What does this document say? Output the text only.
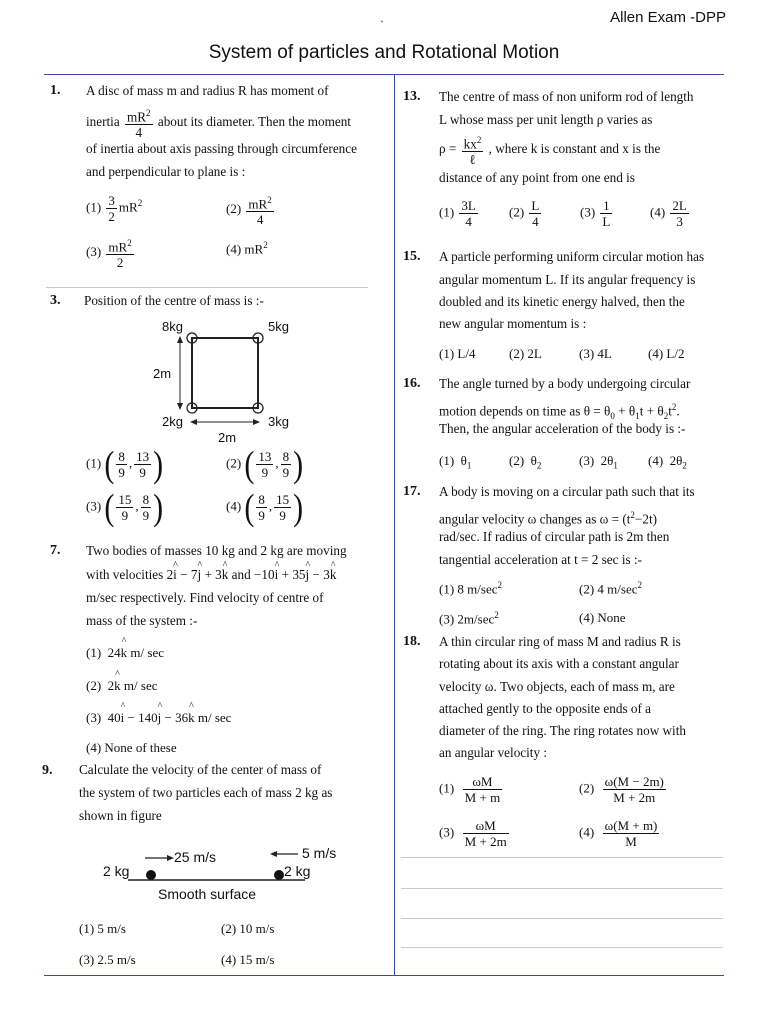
Allen Exam -DPP
`
System of particles and Rotational Motion
1. A disc of mass m and radius R has moment of
inertia $\frac{mR^2}{4}$ about its diameter. Then the moment
of inertia about axis passing through circumference
and perpendicular to plane is :
$(1) \frac{3}{2} mR^2$	$(2) \frac{mR^2}{4}$
$(3) \frac{mR^2}{2}$	(4) $mR^2$
3. Position of the centre of mass is :-
8kg	5kg
2kg	3kg
2m
2m
(1) ( $\frac{8}{9}$ , $\frac{13}{9}$ )	(2) ( $\frac{13}{9}$ , $\frac{8}{9}$ )
(3) ( $\frac{15}{9}$ , $\frac{8}{9}$ )	(4) ( $\frac{8}{9}$ , $\frac{15}{9}$ )
7. Two bodies of masses 10 kg and 2 kg are moving
with velocities 2^ i − 7^ j + 3^ k and −10^ i + 35^ j − 3^ k
m/sec respectively. Find velocity of centre of
mass of the system :-
(1)  24^ k m/ sec
(2)  2^ k m/ sec
(3)  40^ i − 140^ j − 36^ k m/ sec
(4) None of these
9. Calculate the velocity of the center of mass of
the system of two particles each of mass 2 kg as
shown in figure
25 m/s	5 m/s
2 kg	2 kg
Smooth surface
(1) 5 m/s	(2) 10 m/s
(3) 2.5 m/s	(4) 15 m/s
13. The centre of mass of non uniform rod of length
L whose mass per unit length ρ varies as
$\rho = \frac{kx^2}{\text{ℓ}}$ , where k is constant and x is the
distance of any point from one end is
$(1) \frac{3L}{4} (2) \frac{L}{4}$	$(3) \frac{1}{L}$	$(4) \frac{2L}{3}$
15. A particle performing uniform circular motion has
angular momentum L. If its angular frequency is
doubled and its kinetic energy halved, then the
new angular momentum is :
(1) L/4	(2) 2L	(3) 4L	(4) L/2
16. The angle turned by a body undergoing circular
motion depends on time as $\theta = \theta_0 + \theta_1t + \theta_2t^2$.
Then, the angular acceleration of the body is :-
(1)  $\theta_1$	(2)  $\theta_2$	(3)  $2\theta_1$ (4)  $2\theta_2$
17. A body is moving on a circular path such that its
angular velocity ω changes as $\omega = (t^2-2t)$
rad/sec. If radius of circular path is 2m then
tangential acceleration at t = 2 sec is :-
(1) 8 $m/\sec^2$	(2) 4 $m/\sec^2$
(3) $2m/\sec^2$	(4) None
18. A thin circular ring of mass M and radius R is
rotating about its axis with a constant angular
velocity ω. Two objects, each of mass m, are
attached gently to the opposite ends of a
diameter of the ring. The ring rotates now with
an angular velocity :
$(1) \frac{\omega M}{M + m}$	$(2) \frac{\omega(M - 2m)}{M + 2m}$
$(3) \frac{\omega M}{M + 2m}$	$(4) \frac{\omega(M + m)}{M}$
